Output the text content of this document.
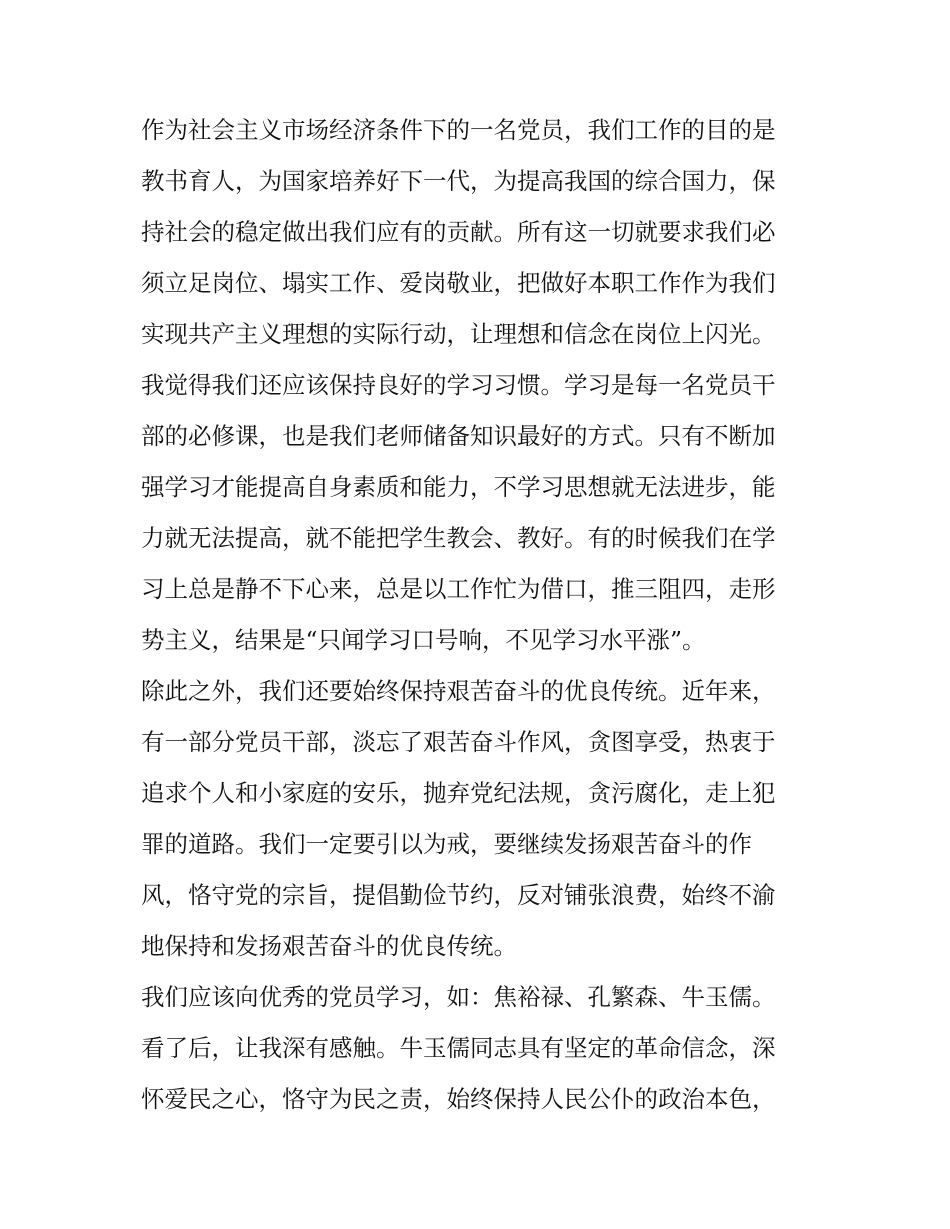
作为社会主义市场经济条件下的一名党员，我们工作的目的是
教书育人，为国家培养好下一代，为提高我国的综合国力，保
持社会的稳定做出我们应有的贡献。所有这一切就要求我们必
须立足岗位、塌实工作、爱岗敬业，把做好本职工作作为我们
实现共产主义理想的实际行动，让理想和信念在岗位上闪光。
我觉得我们还应该保持良好的学习习惯。学习是每一名党员干
部的必修课，也是我们老师储备知识最好的方式。只有不断加
强学习才能提高自身素质和能力，不学习思想就无法进步，能
力就无法提高，就不能把学生教会、教好。有的时候我们在学
习上总是静不下心来，总是以工作忙为借口，推三阻四，走形
势主义，结果是“只闻学习口号响，不见学习水平涨”。
除此之外，我们还要始终保持艰苦奋斗的优良传统。近年来，
有一部分党员干部，淡忘了艰苦奋斗作风，贪图享受，热衷于
追求个人和小家庭的安乐，抛弃党纪法规，贪污腐化，走上犯
罪的道路。我们一定要引以为戒，要继续发扬艰苦奋斗的作
风，恪守党的宗旨，提倡勤俭节约，反对铺张浪费，始终不渝
地保持和发扬艰苦奋斗的优良传统。
我们应该向优秀的党员学习，如：焦裕禄、孔繁森、牛玉儒。
看了后，让我深有感触。牛玉儒同志具有坚定的革命信念，深
怀爱民之心，恪守为民之责，始终保持人民公仆的政治本色，
